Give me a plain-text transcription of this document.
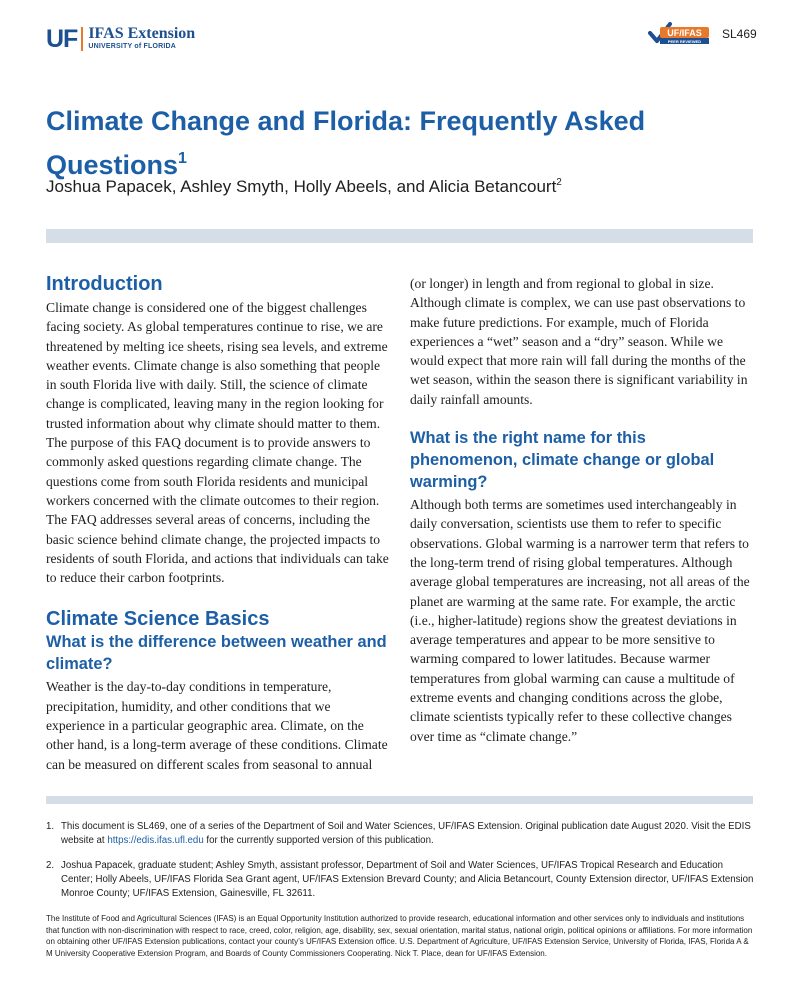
UF IFAS Extension
UNIVERSITY of FLORIDA
UF/IFAS
PEER REVIEWED
SL469
Climate Change and Florida: Frequently Asked Questions$^1$
Joshua Papacek, Ashley Smyth, Holly Abeels, and Alicia Betancourt$^2$
Introduction

Climate change is considered one of the biggest challenges facing society. As global temperatures continue to rise, we are threatened by melting ice sheets, rising sea levels, and extreme weather events. Climate change is also something that people in south Florida live with daily. Still, the science of climate change is complicated, leaving many in the region looking for trusted information about why climate should matter to them. The purpose of this FAQ document is to provide answers to commonly asked questions regarding climate change. The questions come from south Florida residents and municipal workers concerned with the climate outcomes to their region. The FAQ addresses several areas of concerns, including the basic science behind climate change, the projected impacts to residents of south Florida, and actions that individuals can take to reduce their carbon footprints.

Climate Science Basics
What is the difference between weather and climate?

Weather is the day-to-day conditions in temperature, precipitation, humidity, and other conditions that we experience in a particular geographic area. Climate, on the other hand, is a long-term average of these conditions. Climate can be measured on different scales from seasonal to annual

(or longer) in length and from regional to global in size. Although climate is complex, we can use past observations to make future predictions. For example, much of Florida experiences a “wet” season and a “dry” season. While we would expect that more rain will fall during the months of the wet season, within the season there is significant variability in daily rainfall amounts.

What is the right name for this phenomenon, climate change or global warming?

Although both terms are sometimes used interchangeably in daily conversation, scientists use them to refer to specific observations. Global warming is a narrower term that refers to the long-term trend of rising global temperatures. Although average global temperatures are increasing, not all areas of the planet are warming at the same rate. For example, the arctic (i.e., higher-latitude) regions show the greatest deviations in average temperatures and appear to be more sensitive to warming compared to lower latitudes. Because warmer temperatures from global warming can cause a multitude of extreme events and changing conditions across the globe, climate scientists typically refer to these collective changes over time as “climate change.”

1. This document is SL469, one of a series of the Department of Soil and Water Sciences, UF/IFAS Extension. Original publication date August 2020. Visit the EDIS website at https://edis.ifas.ufl.edu for the currently supported version of this publication.
2. Joshua Papacek, graduate student; Ashley Smyth, assistant professor, Department of Soil and Water Sciences, UF/IFAS Tropical Research and Education Center; Holly Abeels, UF/IFAS Florida Sea Grant agent, UF/IFAS Extension Brevard County; and Alicia Betancourt, County Extension director, UF/IFAS Extension Monroe County; UF/IFAS Extension, Gainesville, FL 32611.
The Institute of Food and Agricultural Sciences (IFAS) is an Equal Opportunity Institution authorized to provide research, educational information and other services only to individuals and institutions that function with non-discrimination with respect to race, creed, color, religion, age, disability, sex, sexual orientation, marital status, national origin, political opinions or affiliations. For more information on obtaining other UF/IFAS Extension publications, contact your county’s UF/IFAS Extension office. U.S. Department of Agriculture, UF/IFAS Extension Service, University of Florida, IFAS, Florida A & M University Cooperative Extension Program, and Boards of County Commissioners Cooperating. Nick T. Place, dean for UF/IFAS Extension.
